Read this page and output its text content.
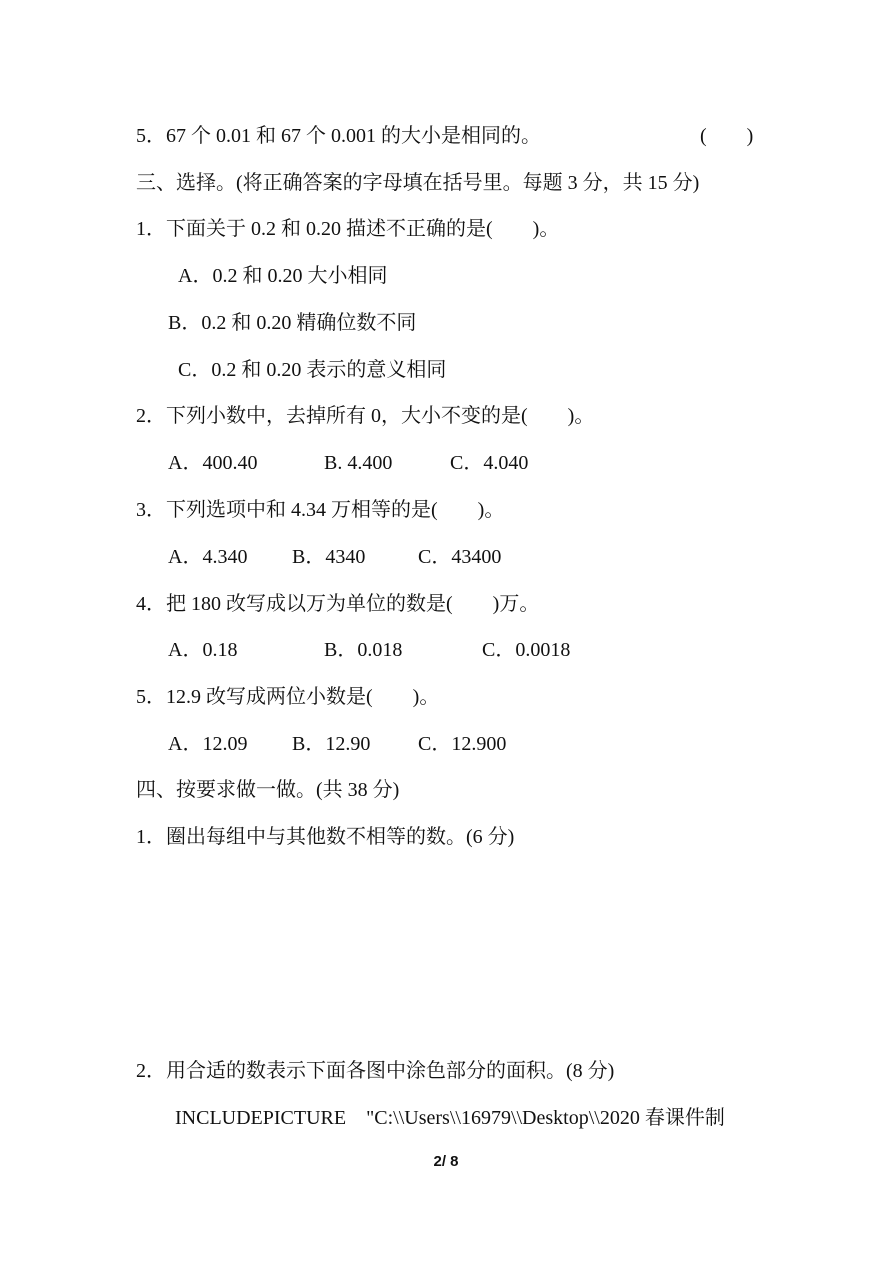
5．67 个 0.01 和 67 个 0.001 的大小是相同的。	(　　)
三、选择。(将正确答案的字母填在括号里。每题 3 分，共 15 分)
1．下面关于 0.2 和 0.20 描述不正确的是(　　)。
A．0.2 和 0.20 大小相同
B．0.2 和 0.20 精确位数不同
C．0.2 和 0.20 表示的意义相同
2．下列小数中，去掉所有 0，大小不变的是(　　)。
A．400.40	B. 4.400	C．4.040
3．下列选项中和 4.34 万相等的是(　　)。
A．4.340 B．4340	C．43400
4．把 180 改写成以万为单位的数是(　　)万。
A．0.18	B．0.018	C．0.0018
5．12.9 改写成两位小数是(　　)。
A．12.09 B．12.90 C．12.900
四、按要求做一做。(共 38 分)
1．圈出每组中与其他数不相等的数。(6 分)
2．用合适的数表示下面各图中涂色部分的面积。(8 分)
INCLUDEPICTURE　"C:\\Users\\16979\\Desktop\\2020 春课件制
2/ 8
